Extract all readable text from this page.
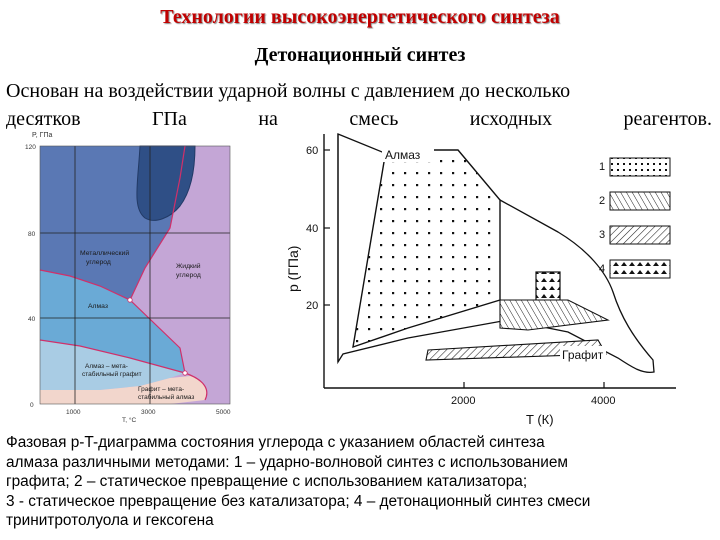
Технологии высокоэнергетического синтеза
Детонационный синтез
Основан на воздействии ударной волны с давлением до несколько
десятков	ГПа	на	смесь	исходных	реагентов.
P, ГПа
120
80
40
0
Металлический углерод
Жидкий углерод
Алмаз
Алмаз – мета- стабильный графит
Графит – мета- стабильный алмаз
1000	3000	5000
T, °C
p (ГПа)
60
40
20
Алмаз
Графит
2000	4000
T (К)
1
2
3
4
Фазовая p-T-диаграмма состояния углерода с указанием областей синтеза
алмаза различными методами: 1 – ударно-волновой синтез с использованием
графита; 2 – статическое превращение с использованием катализатора;
3 - статическое превращение без катализатора; 4 – детонационный синтез смеси
тринитротолуола и гексогена
